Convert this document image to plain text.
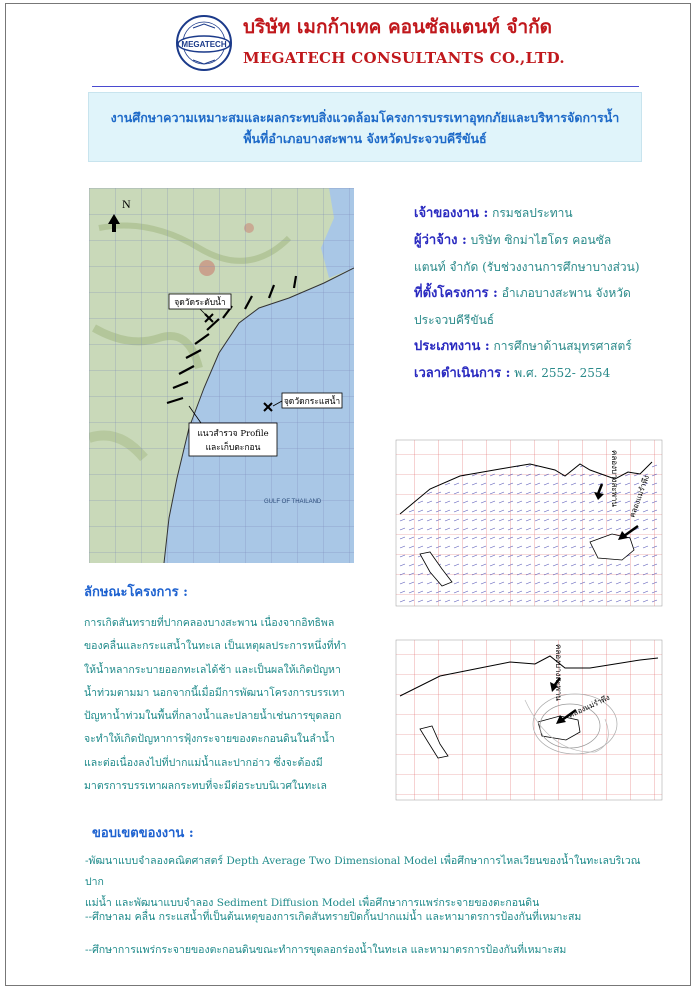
MEGATECH
บริษัท เมกก้าเทค คอนซัลแตนท์ จำกัด
MEGATECH CONSULTANTS CO.,LTD.
งานศึกษาความเหมาะสมและผลกระทบสิ่งแวดล้อมโครงการบรรเทาอุทกภัยและบริหารจัดการน้ำ
พื้นที่อำเภอบางสะพาน จังหวัดประจวบคีรีขันธ์
N
จุดวัดระดับน้ำ
จุดวัดกระแสน้ำ
แนวสำรวจ Profile
และเก็บตะกอน
GULF OF THAILAND
เจ้าของงาน : กรมชลประทาน
ผู้ว่าจ้าง : บริษัท ซิกม่าไฮโดร คอนซัล
แตนท์ จำกัด (รับช่วงงานการศึกษาบางส่วน)
ที่ตั้งโครงการ : อำเภอบางสะพาน จังหวัด
ประจวบคีรีขันธ์
ประเภทงาน : การศึกษาด้านสมุทรศาสตร์
เวลาดำเนินการ : พ.ศ. 2552- 2554
คลองบางสะพาน คลองแม่รำพึง
คลองบางสะพาน
คลองแม่รำพึง
ลักษณะโครงการ :
การเกิดสันทรายที่ปากคลองบางสะพาน เนื่องจากอิทธิพล
ของคลื่นและกระแสน้ำในทะเล เป็นเหตุผลประการหนึ่งที่ทำ
ให้น้ำหลากระบายออกทะเลได้ช้า และเป็นผลให้เกิดปัญหา
น้ำท่วมตามมา นอกจากนี้เมื่อมีการพัฒนาโครงการบรรเทา
ปัญหาน้ำท่วมในพื้นที่กลางน้ำและปลายน้ำเช่นการขุดลอก
จะทำให้เกิดปัญหาการฟุ้งกระจายของตะกอนดินในลำน้ำ
และต่อเนื่องลงไปที่ปากแม่น้ำและปากอ่าว ซึ่งจะต้องมี
มาตรการบรรเทาผลกระทบที่จะมีต่อระบบนิเวศในทะเล
ขอบเขตของงาน :
-พัฒนาแบบจำลองคณิตศาสตร์ Depth Average Two Dimensional Model เพื่อศึกษาการไหลเวียนของน้ำในทะเลบริเวณปาก
แม่น้ำ และพัฒนาแบบจำลอง Sediment Diffusion Model เพื่อศึกษาการแพร่กระจายของตะกอนดิน
--ศึกษาลม คลื่น กระแสน้ำที่เป็นต้นเหตุของการเกิดสันทรายปิดกั้นปากแม่น้ำ และหามาตรการป้องกันที่เหมาะสม
--ศึกษาการแพร่กระจายของตะกอนดินขณะทำการขุดลอกร่องน้ำในทะเล และหามาตรการป้องกันที่เหมาะสม
